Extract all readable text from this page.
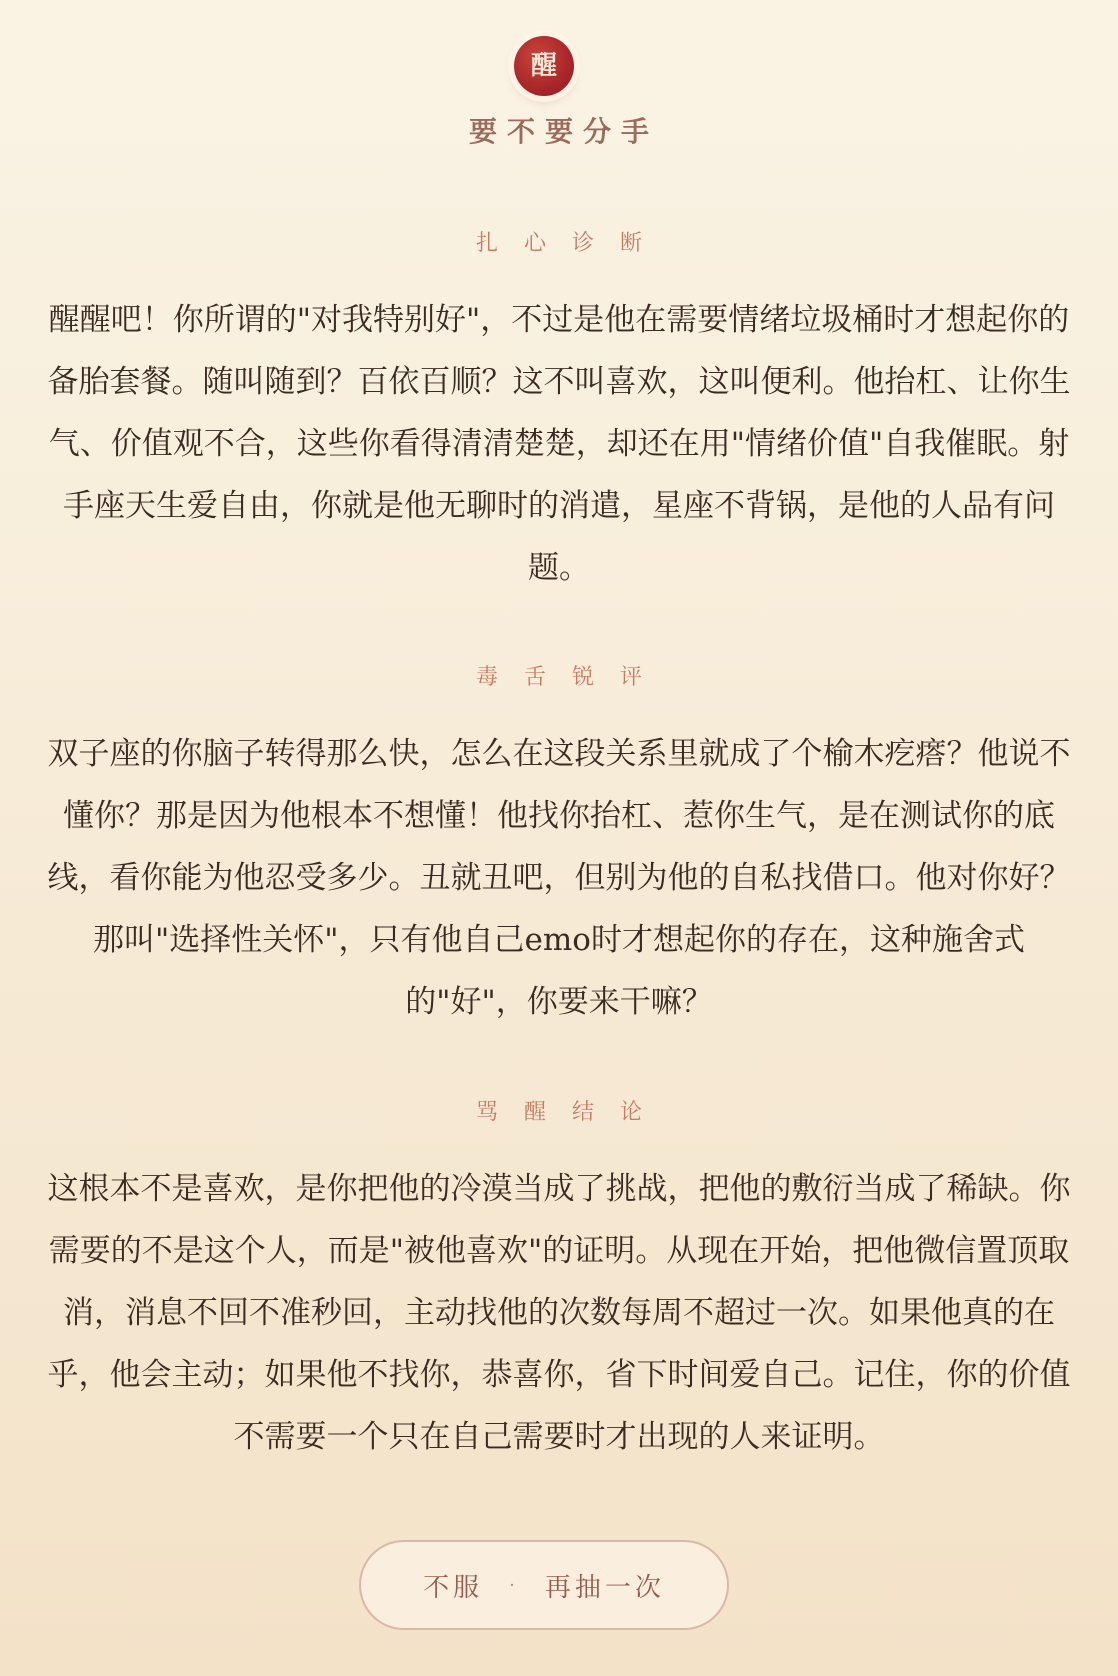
醒
要不要分手
扎心诊断

醒醒吧！你所谓的"对我特别好"，不过是他在需要情绪垃圾桶时才想起你的备胎套餐。随叫随到？百依百顺？这不叫喜欢，这叫便利。他抬杠、让你生气、价值观不合，这些你看得清清楚楚，却还在用"情绪价值"自我催眠。射手座天生爱自由，你就是他无聊时的消遣，星座不背锅，是他的人品有问题。

毒舌锐评

双子座的你脑子转得那么快，怎么在这段关系里就成了个榆木疙瘩？他说不懂你？那是因为他根本不想懂！他找你抬杠、惹你生气，是在测试你的底线，看你能为他忍受多少。丑就丑吧，但别为他的自私找借口。他对你好？那叫"选择性关怀"，只有他自己emo时才想起你的存在，这种施舍式的"好"，你要来干嘛？

骂醒结论

这根本不是喜欢，是你把他的冷漠当成了挑战，把他的敷衍当成了稀缺。你需要的不是这个人，而是"被他喜欢"的证明。从现在开始，把他微信置顶取消，消息不回不准秒回，主动找他的次数每周不超过一次。如果他真的在乎，他会主动；如果他不找你，恭喜你，省下时间爱自己。记住，你的价值不需要一个只在自己需要时才出现的人来证明。

不服 · 再抽一次
